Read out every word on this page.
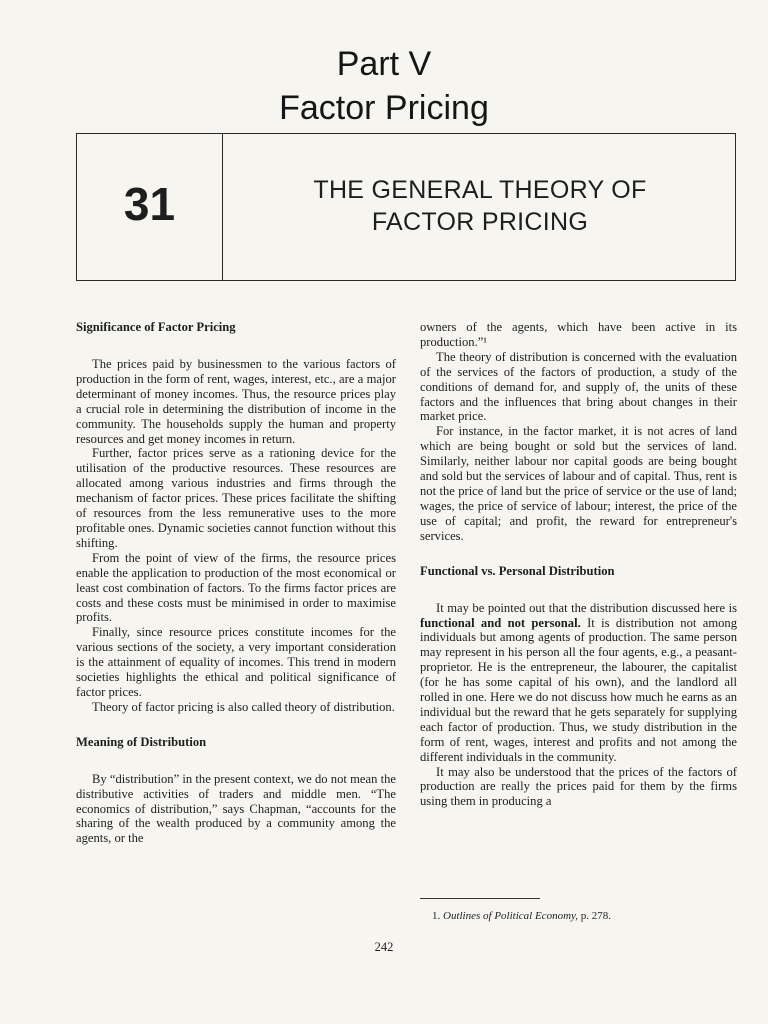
Part V
Factor Pricing
31	THE GENERAL THEORY OF
FACTOR PRICING
Significance of Factor Pricing

The prices paid by businessmen to the various factors of production in the form of rent, wages, interest, etc., are a major determinant of money incomes. Thus, the resource prices play a crucial role in determining the distribution of income in the community. The households supply the human and property resources and get money incomes in return.

Further, factor prices serve as a rationing device for the utilisation of the productive resources. These resources are allocated among various industries and firms through the mechanism of factor prices. These prices facilitate the shifting of resources from the less remunerative uses to the more profitable ones. Dynamic societies cannot function without this shifting.

From the point of view of the firms, the resource prices enable the application to production of the most economical or least cost combination of factors. To the firms factor prices are costs and these costs must be minimised in order to maximise profits.

Finally, since resource prices constitute incomes for the various sections of the society, a very important consideration is the attainment of equality of incomes. This trend in modern societies highlights the ethical and political significance of factor prices.

Theory of factor pricing is also called theory of distribution.

Meaning of Distribution

By “distribution” in the present context, we do not mean the distributive activities of traders and middle men. “The economics of distribution,” says Chapman, “accounts for the sharing of the wealth produced by a community among the agents, or the

owners of the agents, which have been active in its production.”¹

The theory of distribution is concerned with the evaluation of the services of the factors of production, a study of the conditions of demand for, and supply of, the units of these factors and the influences that bring about changes in their market price.

For instance, in the factor market, it is not acres of land which are being bought or sold but the services of land. Similarly, neither labour nor capital goods are being bought and sold but the services of labour and of capital. Thus, rent is not the price of land but the price of service or the use of land; wages, the price of service of labour; interest, the price of the use of capital; and profit, the reward for entrepreneur's services.

Functional vs. Personal Distribution

It may be pointed out that the distribution discussed here is functional and not personal. It is distribution not among individuals but among agents of production. The same person may represent in his person all the four agents, e.g., a peasant-proprietor. He is the entrepreneur, the labourer, the capitalist (for he has some capital of his own), and the landlord all rolled in one. Here we do not discuss how much he earns as an individual but the reward that he gets separately for supplying each factor of production. Thus, we study distribution in the form of rent, wages, interest and profits and not among the different individuals in the community.

It may also be understood that the prices of the factors of production are really the prices paid for them by the firms using them in producing a

1. Outlines of Political Economy, p. 278.
242
